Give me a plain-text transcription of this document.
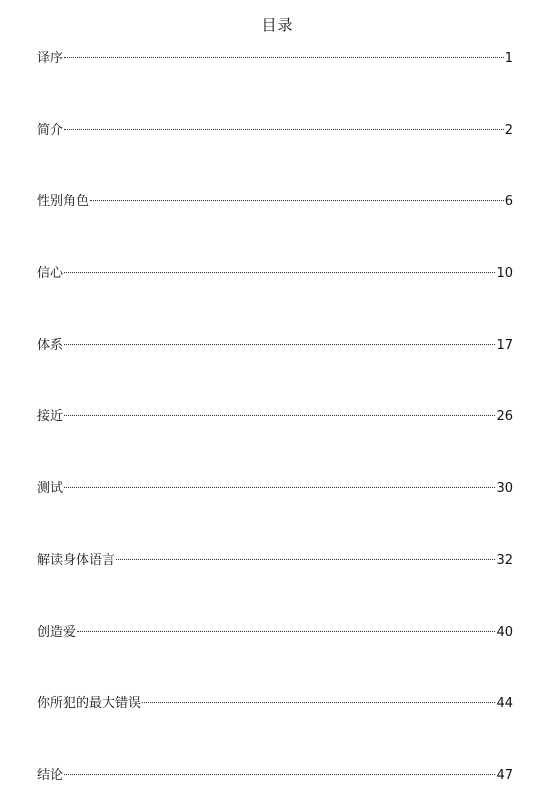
目录
译序	1
简介	2
性别角色	6
信心	10
体系	17
接近	26
测试	30
解读身体语言	32
创造爱	40
你所犯的最大错误	44
结论	47
